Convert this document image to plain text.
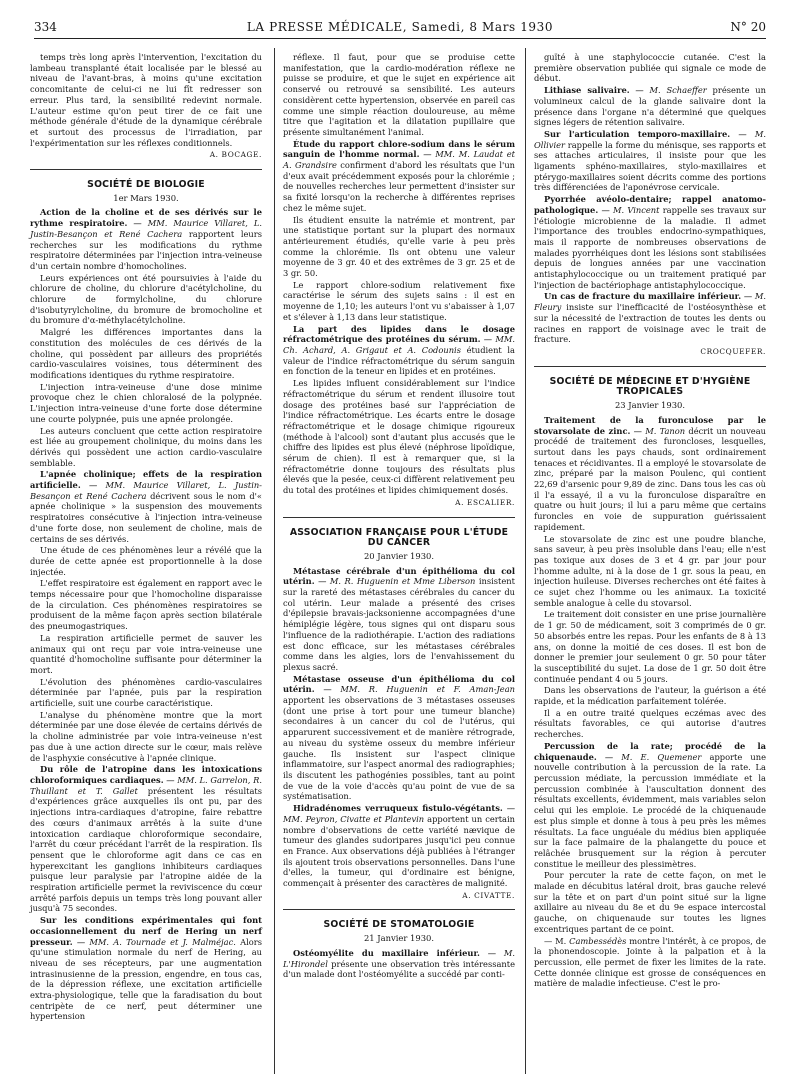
334	LA PRESSE MÉDICALE, Samedi, 8 Mars 1930	N° 20

temps très long après l'intervention, l'excitation du lambeau transplanté était localisée par le blessé au niveau de l'avant-bras, à moins qu'une excitation concomitante de celui-ci ne lui fît redresser son erreur. Plus tard, la sensibilité redevint normale. L'auteur estime qu'on peut tirer de ce fait une méthode générale d'étude de la dynamique cérébrale et surtout des processus de l'irradiation, par l'expérimentation sur les réflexes conditionnels.

A. BOCAGE.
SOCIÉTÉ DE BIOLOGIE
1er Mars 1930.

Action de la choline et de ses dérivés sur le rythme respiratoire. — MM. Maurice Villaret, L. Justin-Besançon et René Cachera rapportent leurs recherches sur les modifications du rythme respiratoire déterminées par l'injection intra-veineuse d'un certain nombre d'homocholines.

Leurs expériences ont été poursuivies à l'aide du chlorure de choline, du chlorure d'acétylcholine, du chlorure de formylcholine, du chlorure d'isobutyrylcholine, du bromure de bromocholine et du bromure d'α-méthylacétylcholine.

Malgré les différences importantes dans la constitution des molécules de ces dérivés de la choline, qui possèdent par ailleurs des propriétés cardio-vasculaires voisines, tous déterminent des modifications identiques du rythme respiratoire.

L'injection intra-veineuse d'une dose minime provoque chez le chien chloralosé de la polypnée. L'injection intra-veineuse d'une forte dose détermine une courte polypnée, puis une apnée prolongée.

Les auteurs concluent que cette action respiratoire est liée au groupement cholinique, du moins dans les dérivés qui possèdent une action cardio-vasculaire semblable.

L'apnée cholinique; effets de la respiration artificielle. — MM. Maurice Villaret, L. Justin-Besançon et René Cachera décrivent sous le nom d'« apnée cholinique » la suspension des mouvements respiratoires consécutive à l'injection intra-veineuse d'une forte dose, non seulement de choline, mais de certains de ses dérivés.

Une étude de ces phénomènes leur a révélé que la durée de cette apnée est proportionnelle à la dose injectée.

L'effet respiratoire est également en rapport avec le temps nécessaire pour que l'homocholine disparaisse de la circulation. Ces phénomènes respiratoires se produisent de la même façon après section bilatérale des pneumogastriques.

La respiration artificielle permet de sauver les animaux qui ont reçu par voie intra-veineuse une quantité d'homocholine suffisante pour déterminer la mort.

L'évolution des phénomènes cardio-vasculaires déterminée par l'apnée, puis par la respiration artificielle, suit une courbe caractéristique.

L'analyse du phénomène montre que la mort déterminée par une dose élevée de certains dérivés de la choline administrée par voie intra-veineuse n'est pas due à une action directe sur le cœur, mais relève de l'asphyxie consécutive à l'apnée clinique.

Du rôle de l'atropine dans les intoxications chloroformiques cardiaques. — MM. L. Garrelon, R. Thuillant et T. Gallet présentent les résultats d'expériences grâce auxquelles ils ont pu, par des injections intra-cardiaques d'atropine, faire rebattre des cœurs d'animaux arrêtés à la suite d'une intoxication cardiaque chloroformique secondaire, l'arrêt du cœur précédant l'arrêt de la respiration. Ils pensent que le chloroforme agit dans ce cas en hyperexcitant les ganglions inhibiteurs cardiaques puisque leur paralysie par l'atropine aidée de la respiration artificielle permet la reviviscence du cœur arrêté parfois depuis un temps très long pouvant aller jusqu'à 75 secondes.

Sur les conditions expérimentales qui font occasionnellement du nerf de Hering un nerf presseur. — MM. A. Tournade et J. Malméjac. Alors qu'une stimulation normale du nerf de Hering, au niveau de ses récepteurs, par une augmentation intrasinusienne de la pression, engendre, en tous cas, de la dépression réflexe, une excitation artificielle extra-physiologique, telle que la faradisation du bout centripète de ce nerf, peut déterminer une hypertension

réflexe. Il faut, pour que se produise cette manifestation, que la cardio-modération réflexe ne puisse se produire, et que le sujet en expérience ait conservé ou retrouvé sa sensibilité. Les auteurs considèrent cette hypertension, observée en pareil cas comme une simple réaction douloureuse, au même titre que l'agitation et la dilatation pupillaire que présente simultanément l'animal.

Étude du rapport chlore-sodium dans le sérum sanguin de l'homme normal. — MM. M. Laudat et A. Grandsire confirment d'abord les résultats que l'un d'eux avait précédemment exposés pour la chlorémie ; de nouvelles recherches leur permettent d'insister sur sa fixité lorsqu'on la recherche à différentes reprises chez le même sujet.

Ils étudient ensuite la natrémie et montrent, par une statistique portant sur la plupart des normaux antérieurement étudiés, qu'elle varie à peu près comme la chlorémie. Ils ont obtenu une valeur moyenne de 3 gr. 40 et des extrêmes de 3 gr. 25 et de 3 gr. 50.

Le rapport chlore-sodium relativement fixe caractérise le sérum des sujets sains : il est en moyenne de 1,10; les auteurs l'ont vu s'abaisser à 1,07 et s'élever à 1,13 dans leur statistique.

La part des lipides dans le dosage réfractométrique des protéines du sérum. — MM. Ch. Achard, A. Grigaut et A. Codounis étudient la valeur de l'indice réfractométrique du sérum sanguin en fonction de la teneur en lipides et en protéines.

Les lipides influent considérablement sur l'indice réfractométrique du sérum et rendent illusoire tout dosage des protéines basé sur l'appréciation de l'indice réfractométrique. Les écarts entre le dosage réfractométrique et le dosage chimique rigoureux (méthode à l'alcool) sont d'autant plus accusés que le chiffre des lipides est plus élevé (néphrose lipoïdique, sérum de chien). Il est à remarquer que, si la réfractométrie donne toujours des résultats plus élevés que la pesée, ceux-ci diffèrent relativement peu du total des protéines et lipides chimiquement dosés.

A. ESCALIER.
ASSOCIATION FRANÇAISE POUR L'ÉTUDE DU CANCER
20 Janvier 1930.

Métastase cérébrale d'un épithélioma du col utérin. — M. R. Huguenin et Mme Liberson insistent sur la rareté des métastases cérébrales du cancer du col utérin. Leur malade a présenté des crises d'épilepsie bravais-jacksonienne accompagnées d'une hémiplégie légère, tous signes qui ont disparu sous l'influence de la radiothérapie. L'action des radiations est donc efficace, sur les métastases cérébrales comme dans les algies, lors de l'envahissement du plexus sacré.

Métastase osseuse d'un épithélioma du col utérin. — MM. R. Huguenin et F. Aman-Jean apportent les observations de 3 métastases osseuses (dont une prise à tort pour une tumeur blanche) secondaires à un cancer du col de l'utérus, qui apparurent successivement et de manière rétrograde, au niveau du système osseux du membre inférieur gauche. Ils insistent sur l'aspect clinique inflammatoire, sur l'aspect anormal des radiographies; ils discutent les pathogénies possibles, tant au point de vue de la voie d'accès qu'au point de vue de sa systématisation.

Hidradénomes verruqueux fistulo-végétants. — MM. Peyron, Civatte et Plantevin apportent un certain nombre d'observations de cette variété nævique de tumeur des glandes sudoripares jusqu'ici peu connue en France. Aux observations déjà publiées à l'étranger ils ajoutent trois observations personnelles. Dans l'une d'elles, la tumeur, qui d'ordinaire est bénigne, commençait à présenter des caractères de malignité.

A. CIVATTE.
SOCIÉTÉ DE STOMATOLOGIE
21 Janvier 1930.

Ostéomyélite du maxillaire inférieur. — M. L'Hirondel présente une observation très intéressante d'un malade dont l'ostéomyélite a succédé par conti-

guïté à une staphylococcie cutanée. C'est la première observation publiée qui signale ce mode de début.

Lithiase salivaire. — M. Schaeffer présente un volumineux calcul de la glande salivaire dont la présence dans l'organe n'a déterminé que quelques signes légers de rétention salivaire.

Sur l'articulation temporo-maxillaire. — M. Ollivier rappelle la forme du ménisque, ses rapports et ses attaches articulaires, il insiste pour que les ligaments sphéno-maxillaires, stylo-maxillaires et ptérygo-maxillaires soient décrits comme des portions très différenciées de l'aponévrose cervicale.

Pyorrhée avéolo-dentaire; rappel anatomo-pathologique. — M. Vincent rappelle ses travaux sur l'étiologie microbienne de la maladie. Il admet l'importance des troubles endocrino-sympathiques, mais il rapporte de nombreuses observations de malades pyorrhéiques dont les lésions sont stabilisées depuis de longues années par une vaccination antistaphylococcique ou un traitement pratiqué par l'injection de bactériophage antistaphylococcique.

Un cas de fracture du maxillaire inférieur. — M. Fleury insiste sur l'inefficacité de l'ostéosynthèse et sur la nécessité de l'extraction de toutes les dents ou racines en rapport de voisinage avec le trait de fracture.

CROCQUEFER.
SOCIÉTÉ DE MÉDECINE ET D'HYGIÈNE TROPICALES
23 Janvier 1930.

Traitement de la furonculose par le stovarsolate de zinc. — M. Tanon décrit un nouveau procédé de traitement des furoncloses, lesquelles, surtout dans les pays chauds, sont ordinairement tenaces et récidivantes. Il a employé le stovarsolate de zinc, préparé par la maison Poulenc, qui contient 22,69 d'arsenic pour 9,89 de zinc. Dans tous les cas où il l'a essayé, il a vu la furonculose disparaître en quatre ou huit jours; il lui a paru même que certains furoncles en voie de suppuration guérissaient rapidement.

Le stovarsolate de zinc est une poudre blanche, sans saveur, à peu près insoluble dans l'eau; elle n'est pas toxique aux doses de 3 et 4 gr. par jour pour l'homme adulte, ni à la dose de 1 gr. sous la peau, en injection huileuse. Diverses recherches ont été faites à ce sujet chez l'homme ou les animaux. La toxicité semble analogue à celle du stovarsol.

Le traitement doit consister en une prise journalière de 1 gr. 50 de médicament, soit 3 comprimés de 0 gr. 50 absorbés entre les repas. Pour les enfants de 8 à 13 ans, on donne la moitié de ces doses. Il est bon de donner le premier jour seulement 0 gr. 50 pour tâter la susceptibilité du sujet. La dose de 1 gr. 50 doit être continuée pendant 4 ou 5 jours.

Dans les observations de l'auteur, la guérison a été rapide, et la médication parfaitement tolérée.

Il a en outre traité quelques eczémas avec des résultats favorables, ce qui autorise d'autres recherches.

Percussion de la rate; procédé de la chiquenaude. — M. E. Quemener apporte une nouvelle contribution à la percussion de la rate. La percussion médiate, la percussion immédiate et la percussion combinée à l'auscultation donnent des résultats excellents, évidemment, mais variables selon celui qui les emploie. Le procédé de la chiquenaude est plus simple et donne à tous à peu près les mêmes résultats. La face unguéale du médius bien appliquée sur la face palmaire de la phalangette du pouce et relâchée brusquement sur la région à percuter constitue le meilleur des plessimètres.

Pour percuter la rate de cette façon, on met le malade en décubitus latéral droit, bras gauche relevé sur la tête et on part d'un point situé sur la ligne axillaire au niveau du 8e et du 9e espace intercostal gauche, on chiquenaude sur toutes les lignes excentriques partant de ce point.

— M. Cambessédès montre l'intérêt, à ce propos, de la phonendoscopie. Jointe à la palpation et à la percussion, elle permet de fixer les limites de la rate. Cette donnée clinique est grosse de conséquences en matière de maladie infectieuse. C'est le pro-
